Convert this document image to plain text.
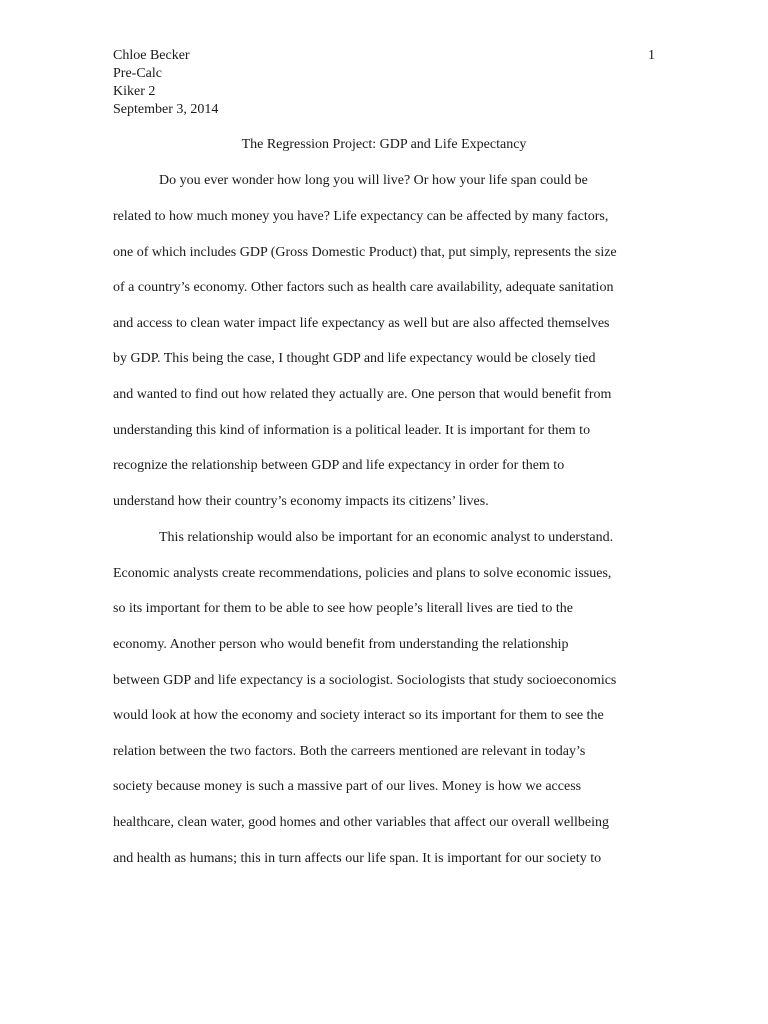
Chloe Becker
Pre-Calc
Kiker 2
September 3, 2014
1
The Regression Project: GDP and Life Expectancy
Do you ever wonder how long you will live? Or how your life span could be
related to how much money you have? Life expectancy can be affected by many factors,
one of which includes GDP (Gross Domestic Product) that, put simply, represents the size
of a country’s economy. Other factors such as health care availability, adequate sanitation
and access to clean water impact life expectancy as well but are also affected themselves
by GDP. This being the case, I thought GDP and life expectancy would be closely tied
and wanted to find out how related they actually are. One person that would benefit from
understanding this kind of information is a political leader. It is important for them to
recognize the relationship between GDP and life expectancy in order for them to
understand how their country’s economy impacts its citizens’ lives.
This relationship would also be important for an economic analyst to understand.
Economic analysts create recommendations, policies and plans to solve economic issues,
so its important for them to be able to see how people’s literall lives are tied to the
economy. Another person who would benefit from understanding the relationship
between GDP and life expectancy is a sociologist. Sociologists that study socioeconomics
would look at how the economy and society interact so its important for them to see the
relation between the two factors. Both the carreers mentioned are relevant in today’s
society because money is such a massive part of our lives. Money is how we access
healthcare, clean water, good homes and other variables that affect our overall wellbeing
and health as humans; this in turn affects our life span. It is important for our society to
